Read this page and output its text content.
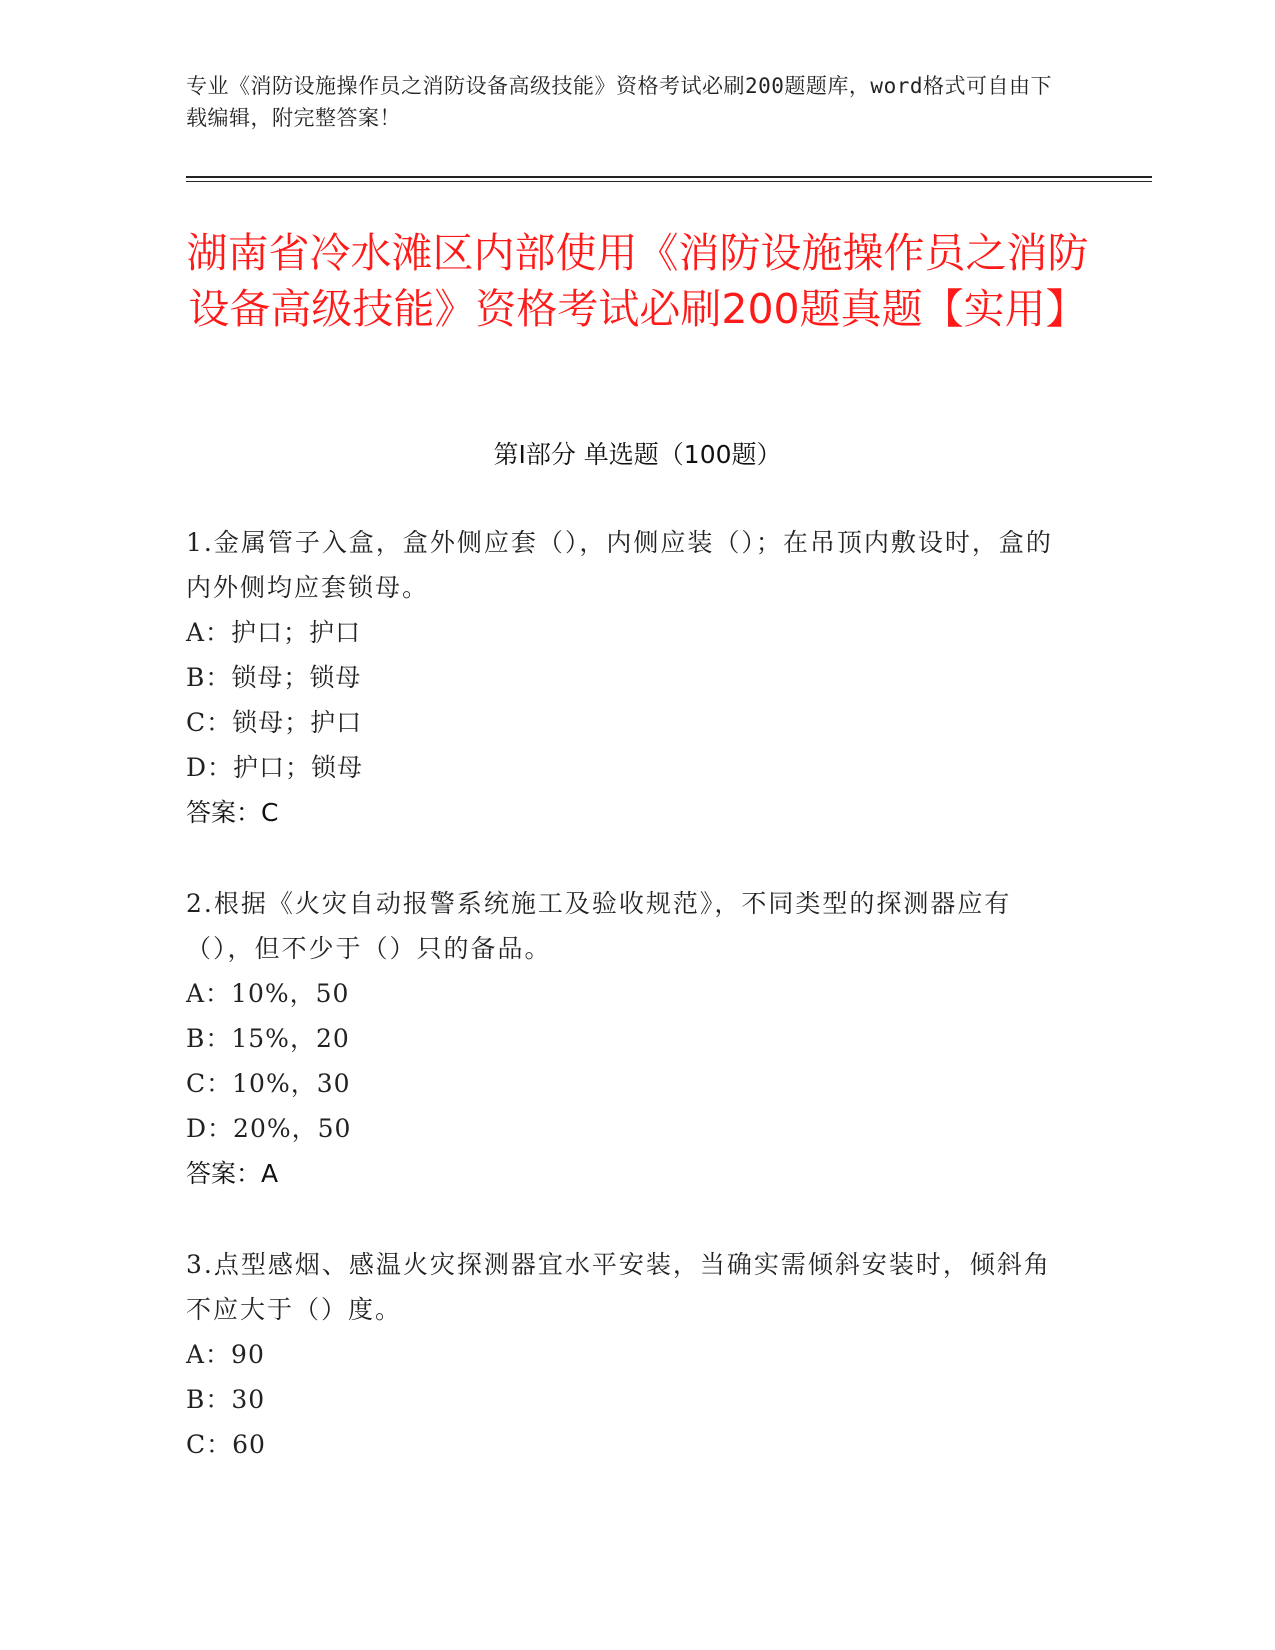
专业《消防设施操作员之消防设备高级技能》资格考试必刷200题题库，word格式可自由下载编辑，附完整答案！
湖南省冷水滩区内部使用《消防设施操作员之消防设备高级技能》资格考试必刷200题真题【实用】
第I部分 单选题（100题）

1.金属管子入盒，盒外侧应套（），内侧应装（）；在吊顶内敷设时，盒的内外侧均应套锁母。

A：护口；护口

B：锁母；锁母

C：锁母；护口

D：护口；锁母

答案：C

2.根据《火灾自动报警系统施工及验收规范》，不同类型的探测器应有（），但不少于（）只的备品。

A：10%，50

B：15%，20

C：10%，30

D：20%，50

答案：A

3.点型感烟、感温火灾探测器宜水平安装，当确实需倾斜安装时，倾斜角不应大于（）度。

A：90

B：30

C：60
